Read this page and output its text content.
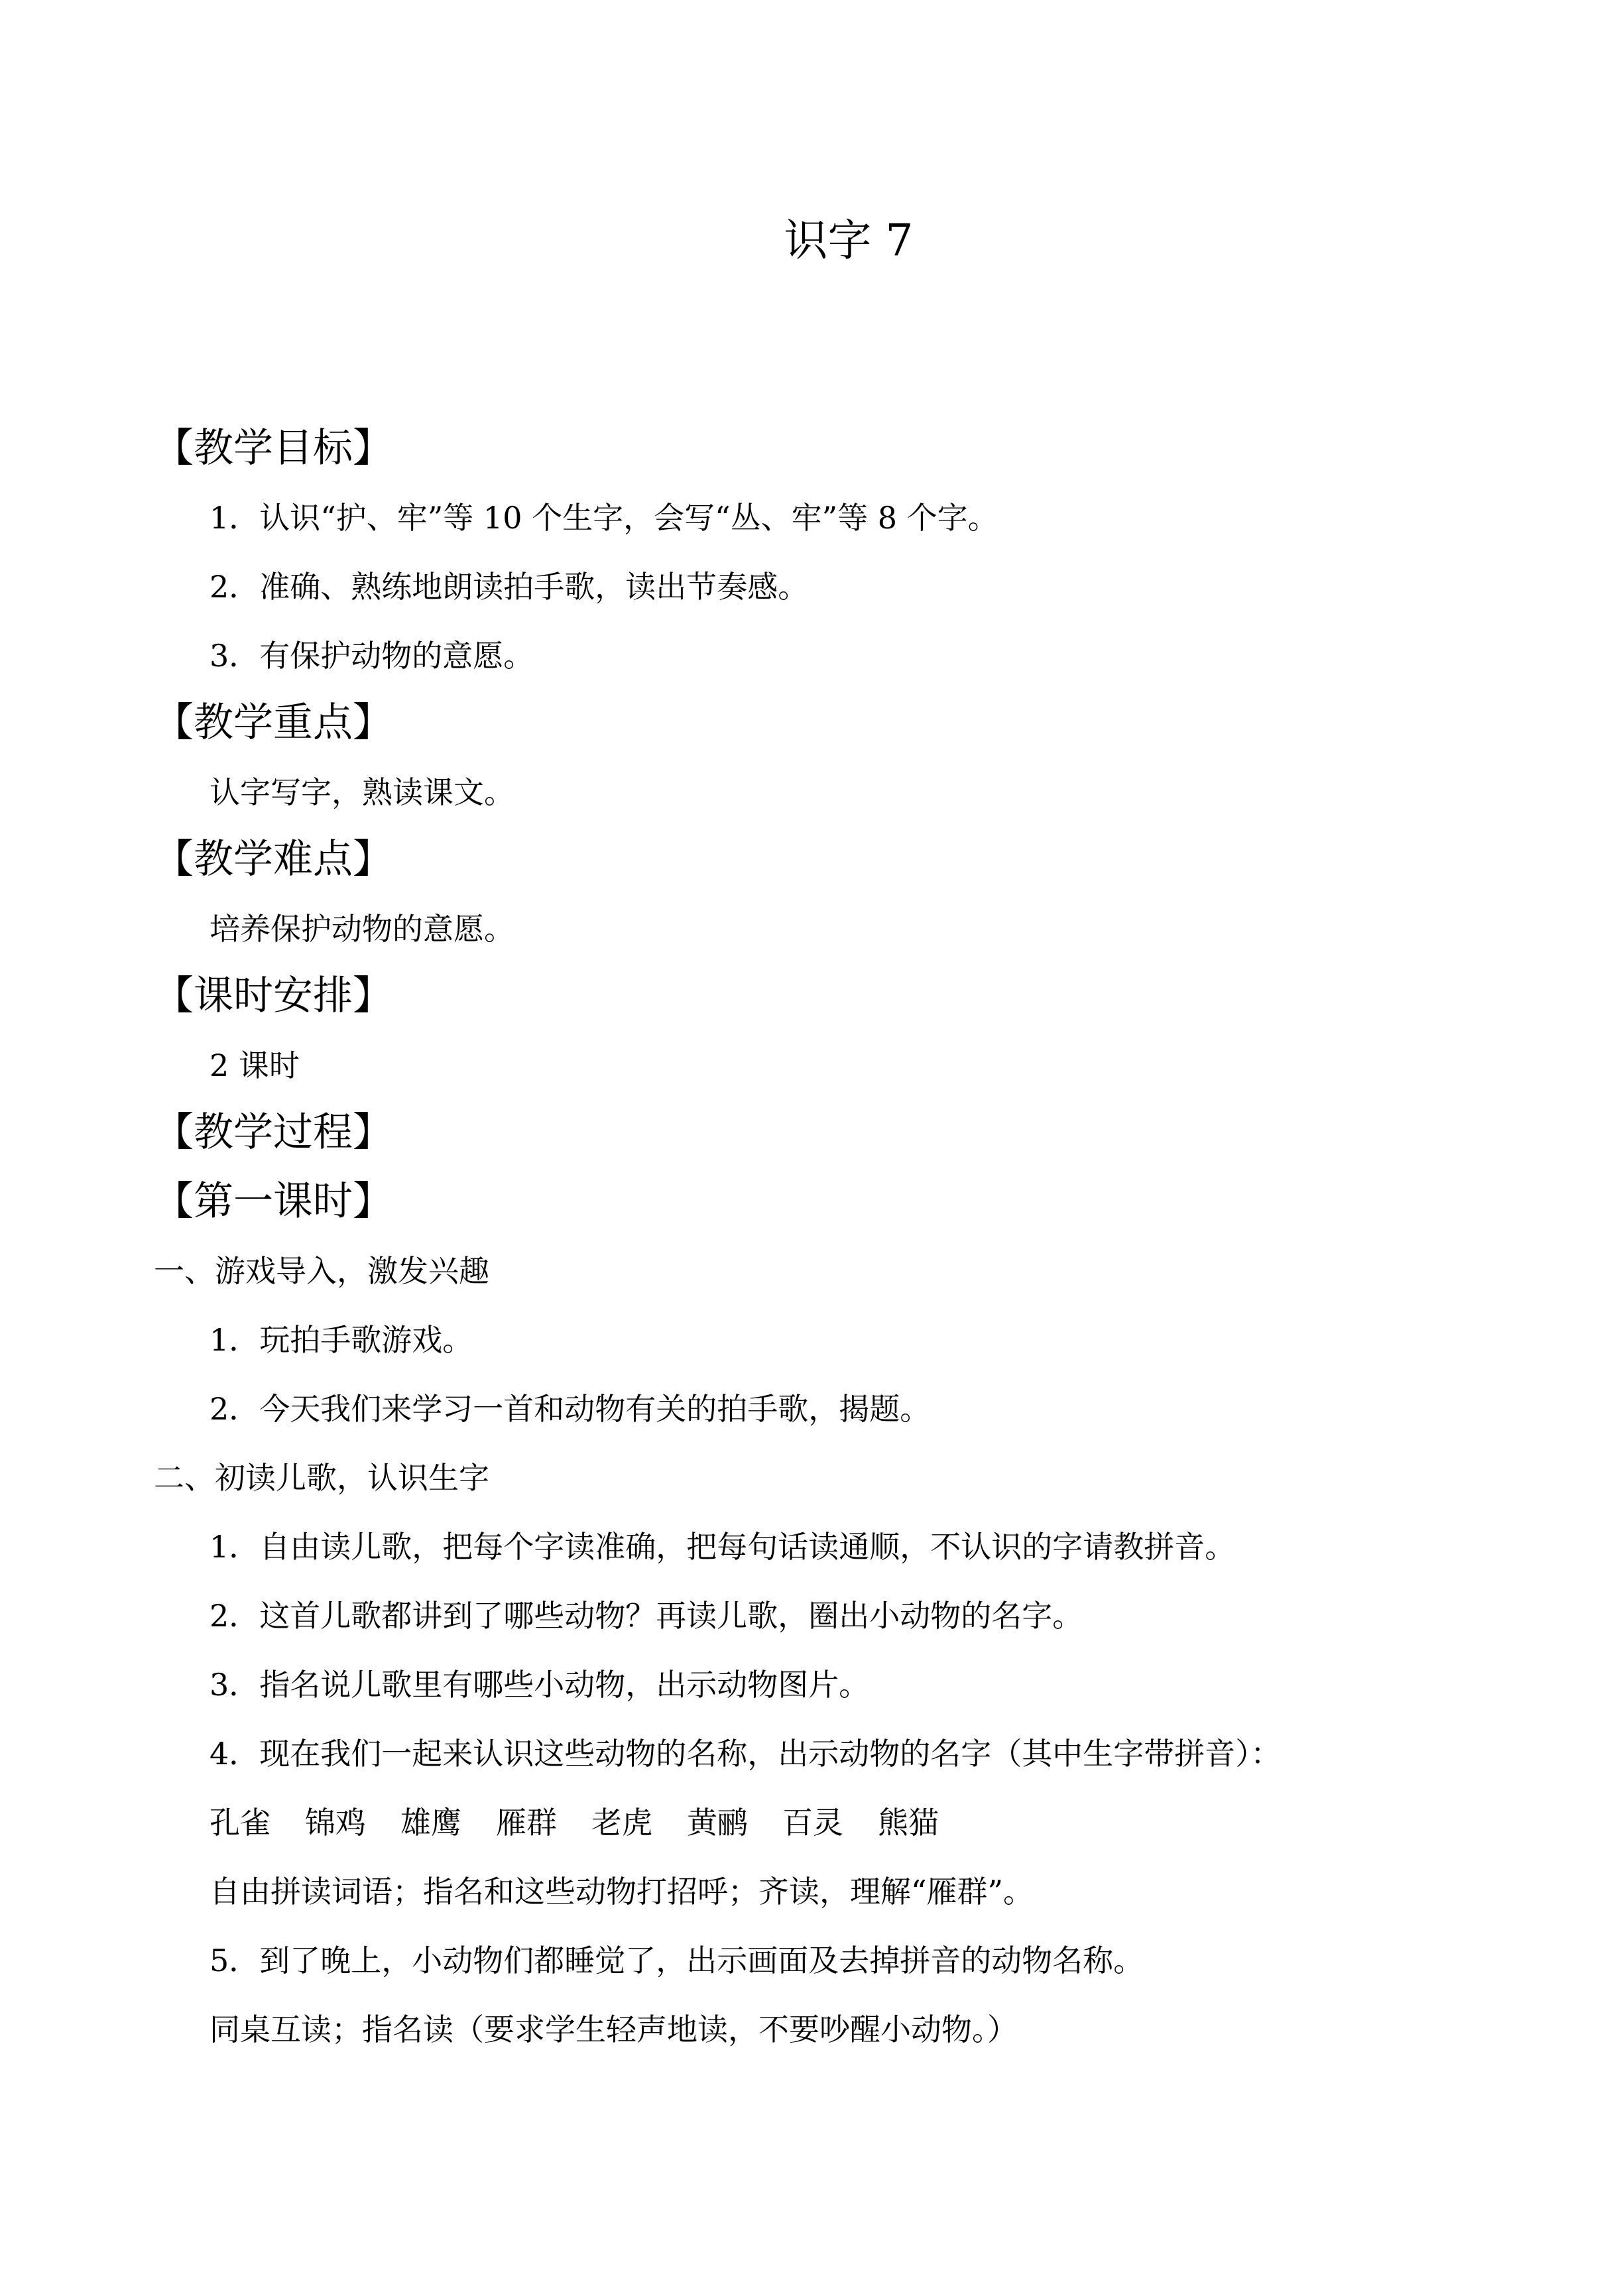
识字 7
【教学目标】
1．认识“护、牢”等 10 个生字，会写“丛、牢”等 8 个字。
2．准确、熟练地朗读拍手歌，读出节奏感。
3．有保护动物的意愿。
【教学重点】
认字写字，熟读课文。
【教学难点】
培养保护动物的意愿。
【课时安排】
2 课时
【教学过程】
【第一课时】
一、游戏导入，激发兴趣
1．玩拍手歌游戏。
2．今天我们来学习一首和动物有关的拍手歌，揭题。
二、初读儿歌，认识生字
1．自由读儿歌，把每个字读准确，把每句话读通顺，不认识的字请教拼音。
2．这首儿歌都讲到了哪些动物？再读儿歌，圈出小动物的名字。
3．指名说儿歌里有哪些小动物，出示动物图片。
4．现在我们一起来认识这些动物的名称，出示动物的名字（其中生字带拼音）：
孔雀 锦鸡 雄鹰 雁群 老虎 黄鹂 百灵 熊猫
自由拼读词语；指名和这些动物打招呼；齐读，理解“雁群”。
5．到了晚上，小动物们都睡觉了，出示画面及去掉拼音的动物名称。
同桌互读；指名读（要求学生轻声地读，不要吵醒小动物。）
